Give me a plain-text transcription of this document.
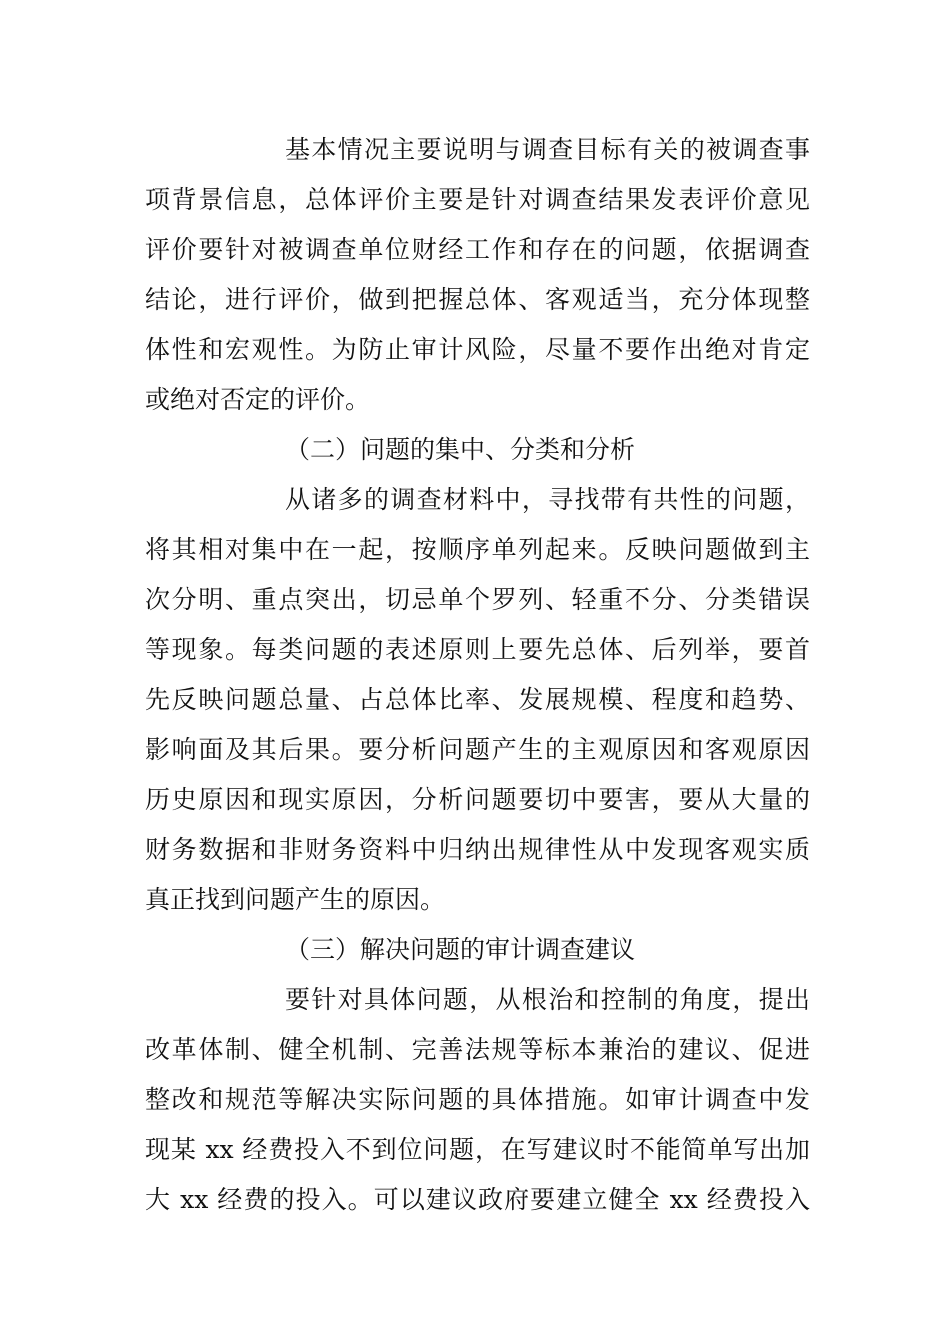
基本情况主要说明与调查目标有关的被调查事
项背景信息，总体评价主要是针对调查结果发表评价意见
评价要针对被调查单位财经工作和存在的问题，依据调查
结论，进行评价，做到把握总体、客观适当，充分体现整
体性和宏观性。为防止审计风险，尽量不要作出绝对肯定
或绝对否定的评价。
（二）问题的集中、分类和分析
从诸多的调查材料中，寻找带有共性的问题，
将其相对集中在一起，按顺序单列起来。反映问题做到主
次分明、重点突出，切忌单个罗列、轻重不分、分类错误
等现象。每类问题的表述原则上要先总体、后列举，要首
先反映问题总量、占总体比率、发展规模、程度和趋势、
影响面及其后果。要分析问题产生的主观原因和客观原因
历史原因和现实原因，分析问题要切中要害，要从大量的
财务数据和非财务资料中归纳出规律性从中发现客观实质
真正找到问题产生的原因。
（三）解决问题的审计调查建议
要针对具体问题，从根治和控制的角度，提出
改革体制、健全机制、完善法规等标本兼治的建议、促进
整改和规范等解决实际问题的具体措施。如审计调查中发
现某 xx 经费投入不到位问题，在写建议时不能简单写出加
大 xx 经费的投入。可以建议政府要建立健全 xx 经费投入
